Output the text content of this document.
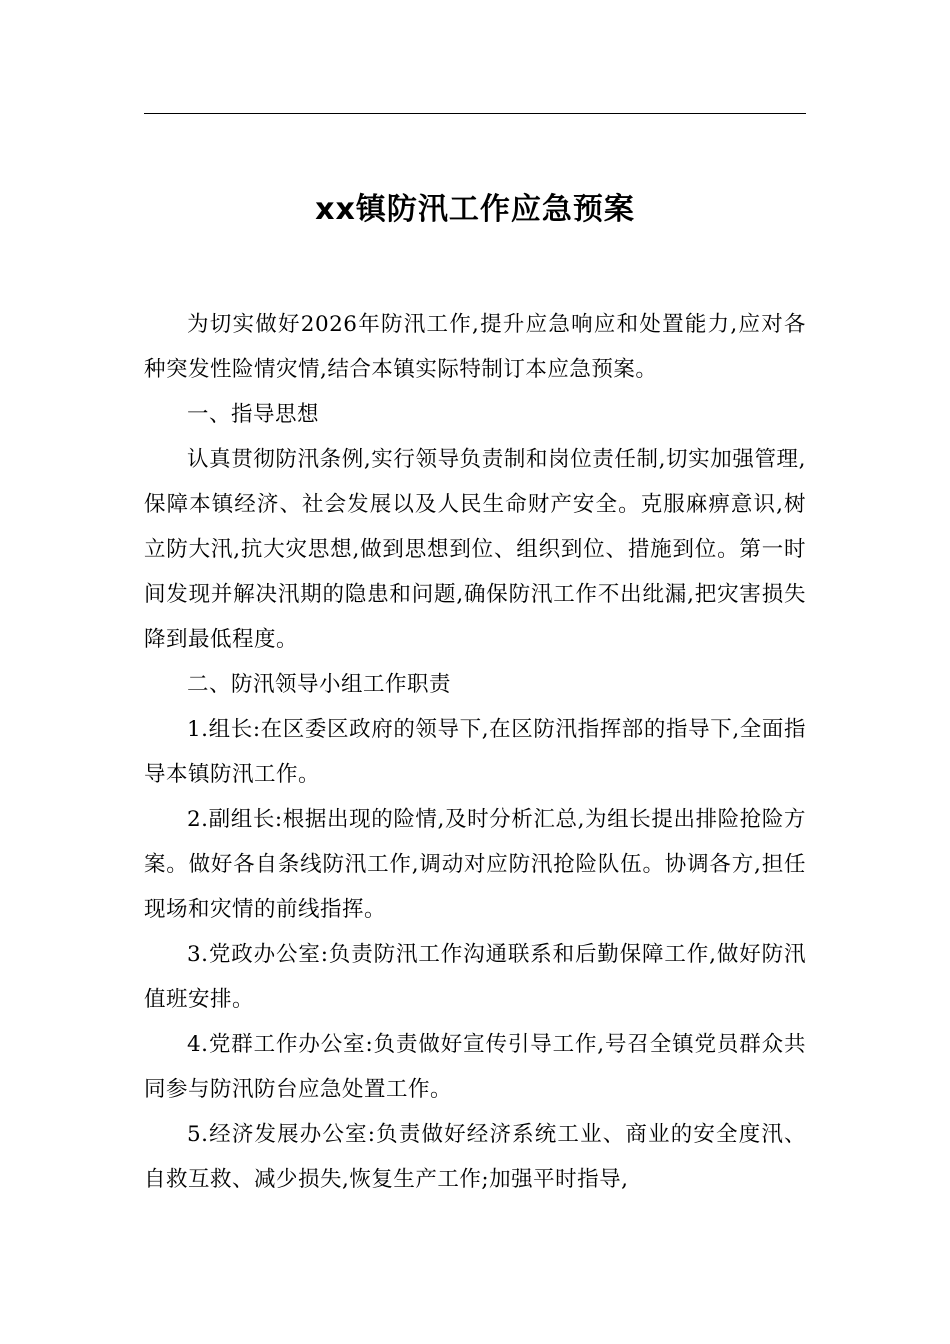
xx镇防汛工作应急预案

为切实做好2026年防汛工作,提升应急响应和处置能力,应对各种突发性险情灾情,结合本镇实际特制订本应急预案。

一、指导思想

认真贯彻防汛条例,实行领导负责制和岗位责任制,切实加强管理,保障本镇经济、社会发展以及人民生命财产安全。克服麻痹意识,树立防大汛,抗大灾思想,做到思想到位、组织到位、措施到位。第一时间发现并解决汛期的隐患和问题,确保防汛工作不出纰漏,把灾害损失降到最低程度。

二、防汛领导小组工作职责

1.组长:在区委区政府的领导下,在区防汛指挥部的指导下,全面指导本镇防汛工作。

2.副组长:根据出现的险情,及时分析汇总,为组长提出排险抢险方案。做好各自条线防汛工作,调动对应防汛抢险队伍。协调各方,担任现场和灾情的前线指挥。

3.党政办公室:负责防汛工作沟通联系和后勤保障工作,做好防汛值班安排。

4.党群工作办公室:负责做好宣传引导工作,号召全镇党员群众共同参与防汛防台应急处置工作。

5.经济发展办公室:负责做好经济系统工业、商业的安全度汛、自救互救、减少损失,恢复生产工作;加强平时指导,
